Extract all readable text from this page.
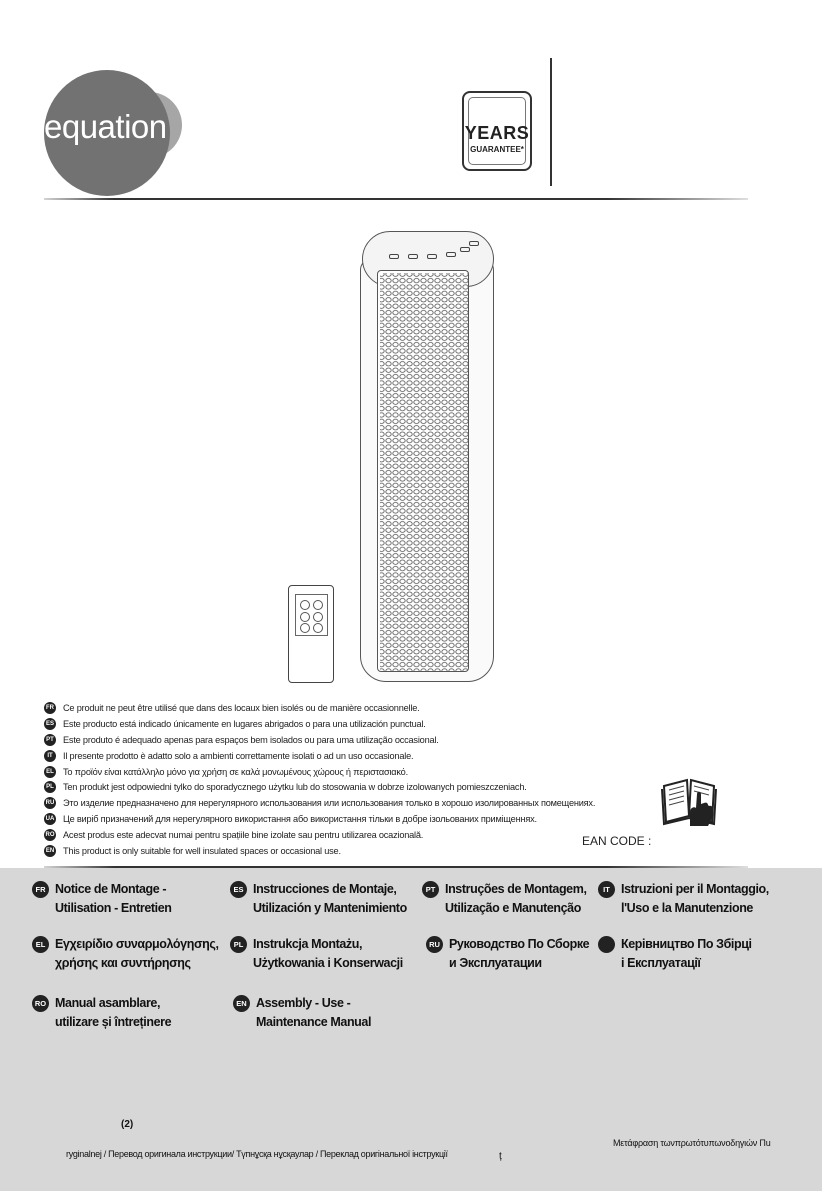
equation	YEARS
GUARANTEE*
FR Ce produit ne peut être utilisé que dans des locaux bien isolés ou de manière occasionnelle.
ES Este producto está indicado únicamente en lugares abrigados o para una utilización punctual.
PT Este produto é adequado apenas para espaços bem isolados ou para uma utilização occasional.
IT	Il presente prodotto è adatto solo a ambienti correttamente isolati o ad un uso occasionale.
EL Το προϊόν είναι κατάλληλο μόνο για χρήση σε καλά μονωμένους χώρους ή περιστασιακό.
PL Ten produkt jest odpowiedni tylko do sporadycznego użytku lub do stosowania w dobrze izolowanych pomieszczeniach.
RU Это изделие предназначено для нерегулярного использования или использования только в хорошо изолированных помещениях.
UA Це виріб призначений для нерегулярного використання або використання тільки в добре ізольованих приміщеннях.
RO Acest produs este adecvat numai pentru spațiile bine izolate sau pentru utilizarea ocazională.
EN This product is only suitable for well insulated spaces or occasional use.
EAN CODE :
FR Notice de Montage -
Utilisation - Entretien
ES Instrucciones de Montaje,
Utilización y Mantenimiento
PT Instruções de Montagem,
Utilização e Manutenção
IT Istruzioni per il Montaggio,
l'Uso e la Manutenzione
EL Εγχειρίδιο συναρμολόγησης,
χρήσης και συντήρησης
PL Instrukcja Montażu,
Użytkowania i Konserwacji
RU Руководство По Сборке
и Эксплуатации
Керівництво По Збірці
і Експлуатації
RO Manual asamblare,
utilizare și întreținere
EN Assembly - Use -
Maintenance Manual
(2)
ryginalnej / Перевод оригинала инструкции/ Түпнұсқа нұсқаулар / Переклад оригінальної інструкції	ț
Μετάφραση τωνπρωτότυπωνοδηγιών Πu
